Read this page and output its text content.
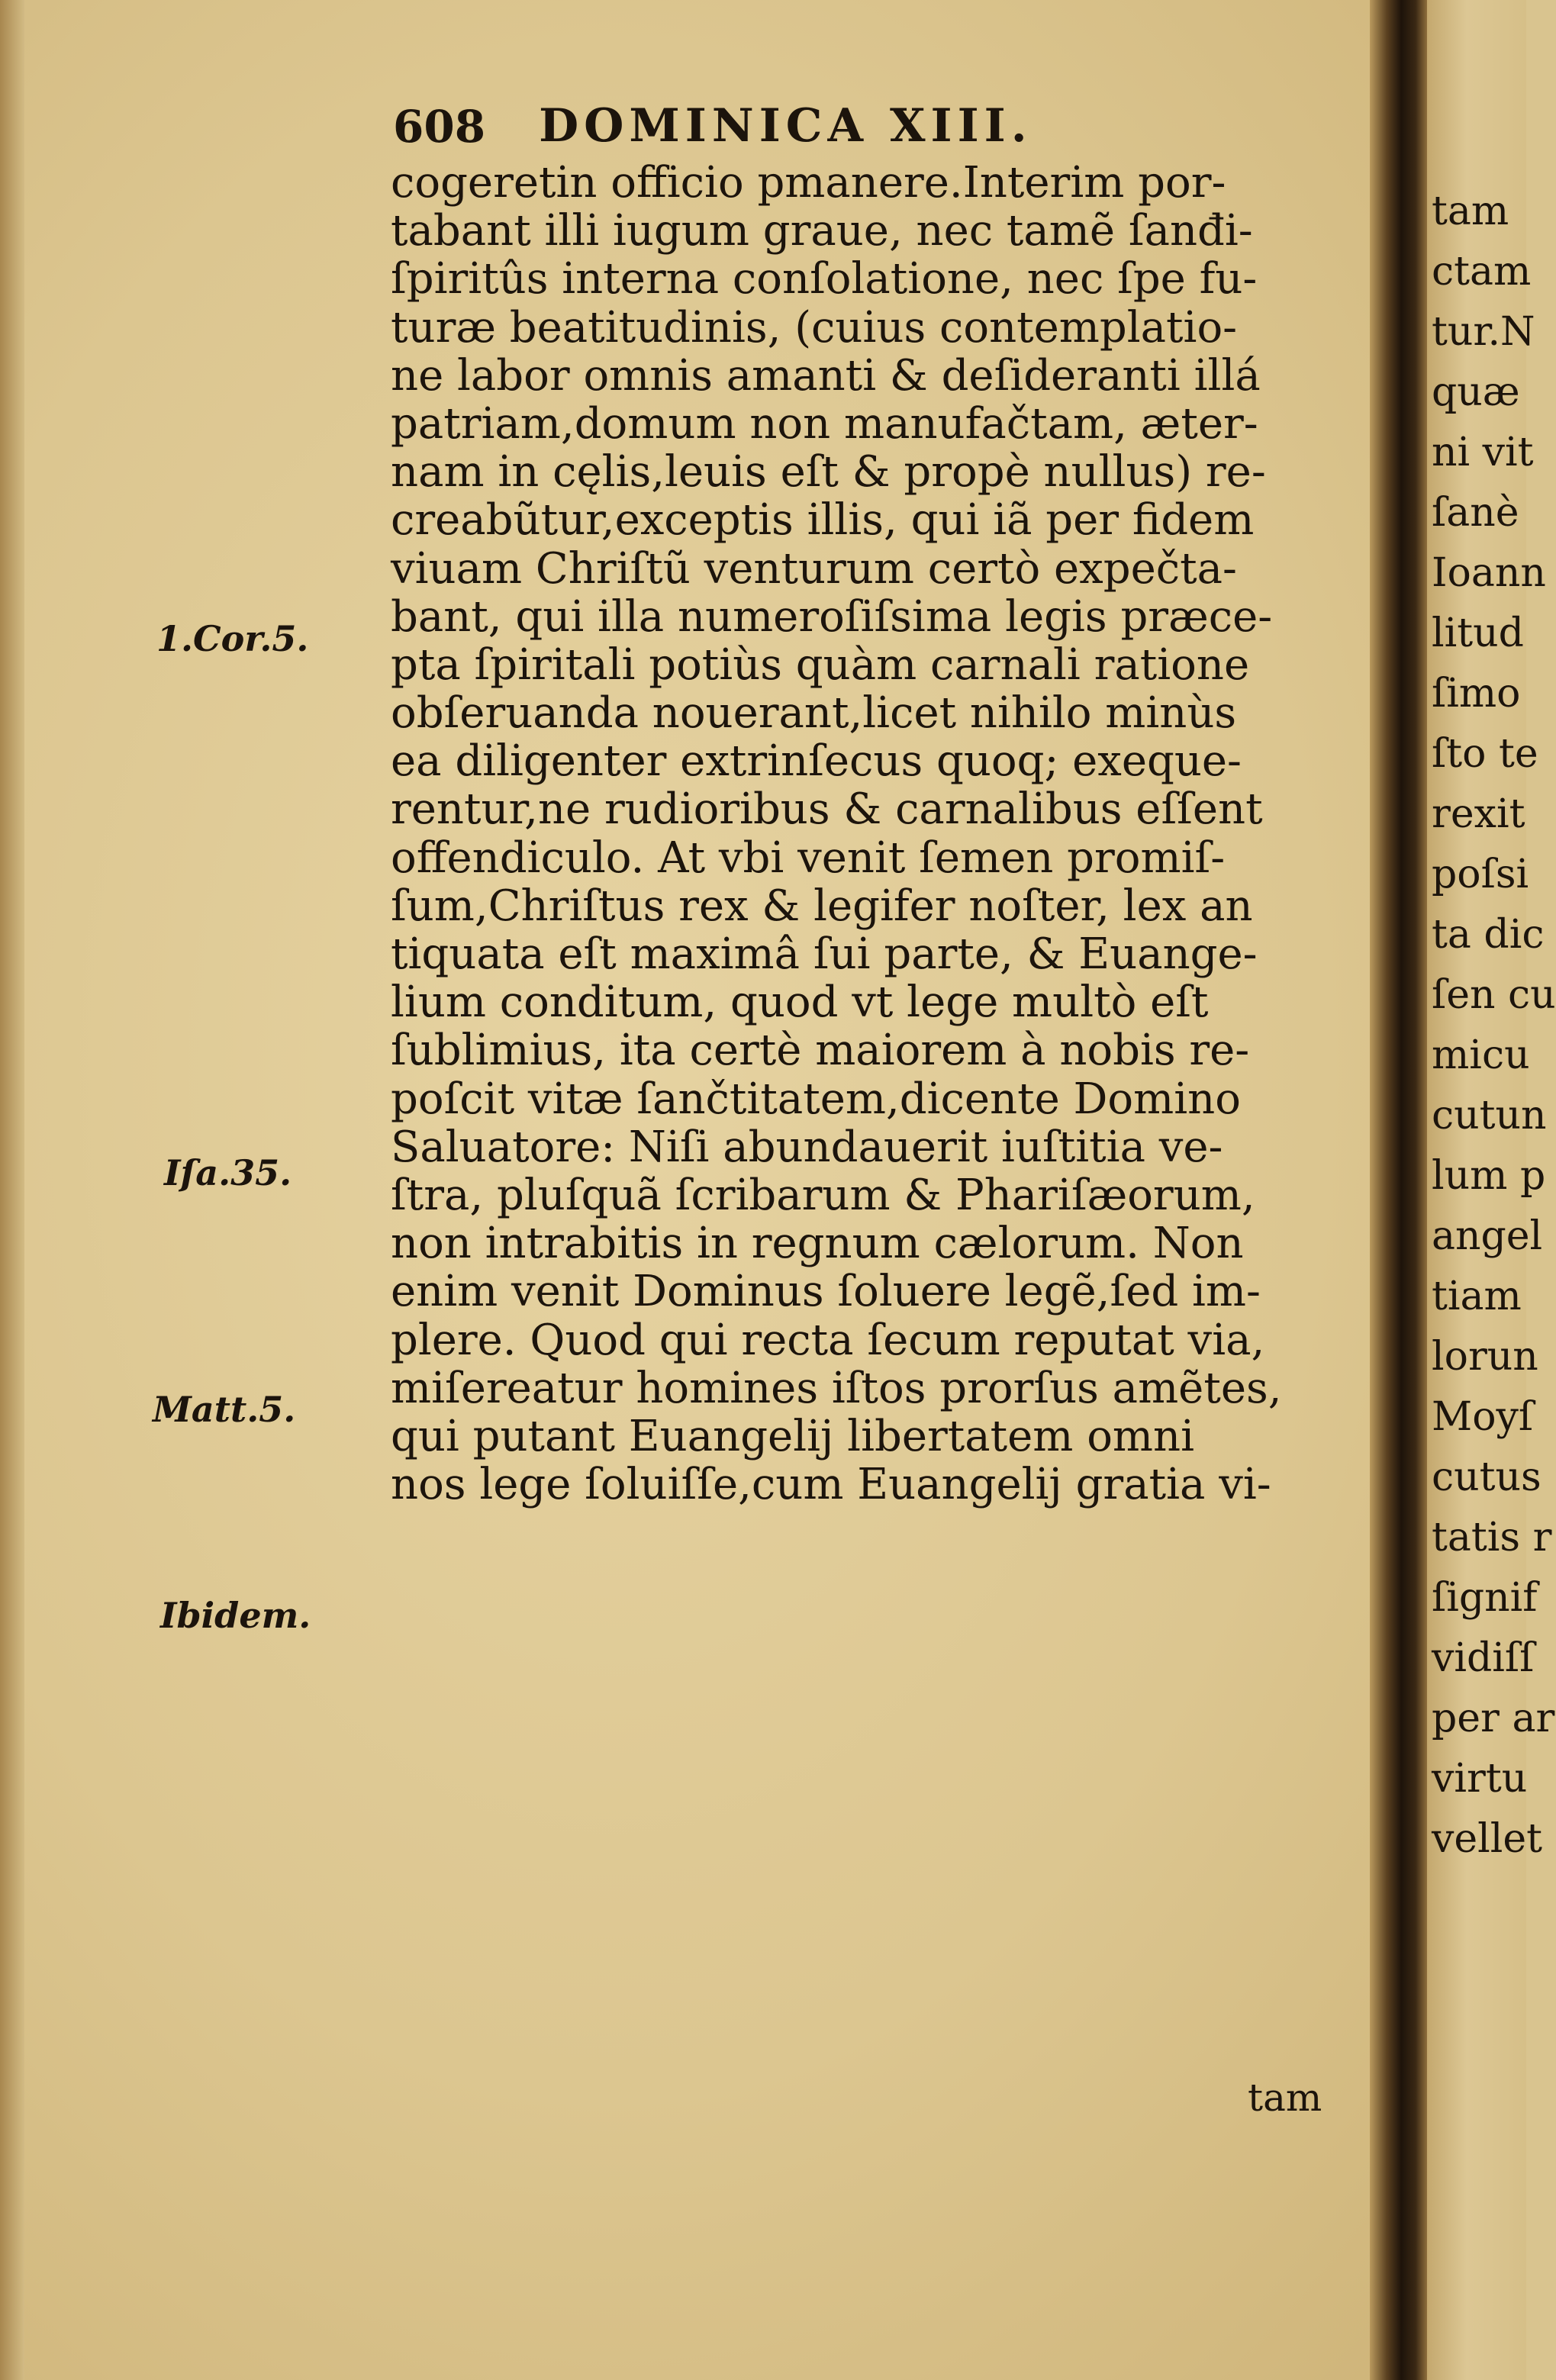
608 DOMINICA XIII.
cogeretin officio pmanere.Interim por-
tabant illi iugum graue, nec tamẽ ſanđi-
ſpiritûs interna conſolatione, nec ſpe fu-
turæ beatitudinis, (cuius contemplatio-
ne labor omnis amanti & deſideranti illá
patriam,domum non manufačtam, æter-
nam in cęlis,leuis eſt & propè nullus) re-
creabũtur,exceptis illis, qui iã per fidem
viuam Chriſtũ venturum certò expečta-
bant, qui illa numeroſiſsima legis præce-
pta ſpiritali potiùs quàm carnali ratione
obſeruanda nouerant,licet nihilo minùs
ea diligenter extrinſecus quoq; exeque-
rentur,ne rudioribus & carnalibus eſſent
offendiculo. At vbi venit ſemen promiſ-
ſum,Chriſtus rex & legifer noſter, lex an
tiquata eſt maximâ ſui parte, & Euange-
lium conditum, quod vt lege multò eſt
ſublimius, ita certè maiorem à nobis re-
poſcit vitæ ſančtitatem,dicente Domino
Saluatore: Niſi abundauerit iuſtitia ve-
ſtra, pluſquã ſcribarum & Phariſæorum,
non intrabitis in regnum cælorum. Non
enim venit Dominus ſoluere legẽ,ſed im-
plere. Quod qui recta ſecum reputat via,
miſereatur homines iſtos prorſus amẽtes,
qui putant Euangelij libertatem omni
nos lege ſoluiſſe,cum Euangelij gratia vi-
tam
1.Cor.5.
Iſa.35.
Matt.5.
Ibidem.
tam
ctam
tur.N
quæ
ni vit
ſanè
Ioann
litud
ſimo
ſto te
rexit
poſsi
ta dic
ſen cu
micu
cutun
lum p
angel
tiam
lorun
Moyſ
cutus
tatis r
ſignif
vidiſſ
per ar
virtu
vellet
